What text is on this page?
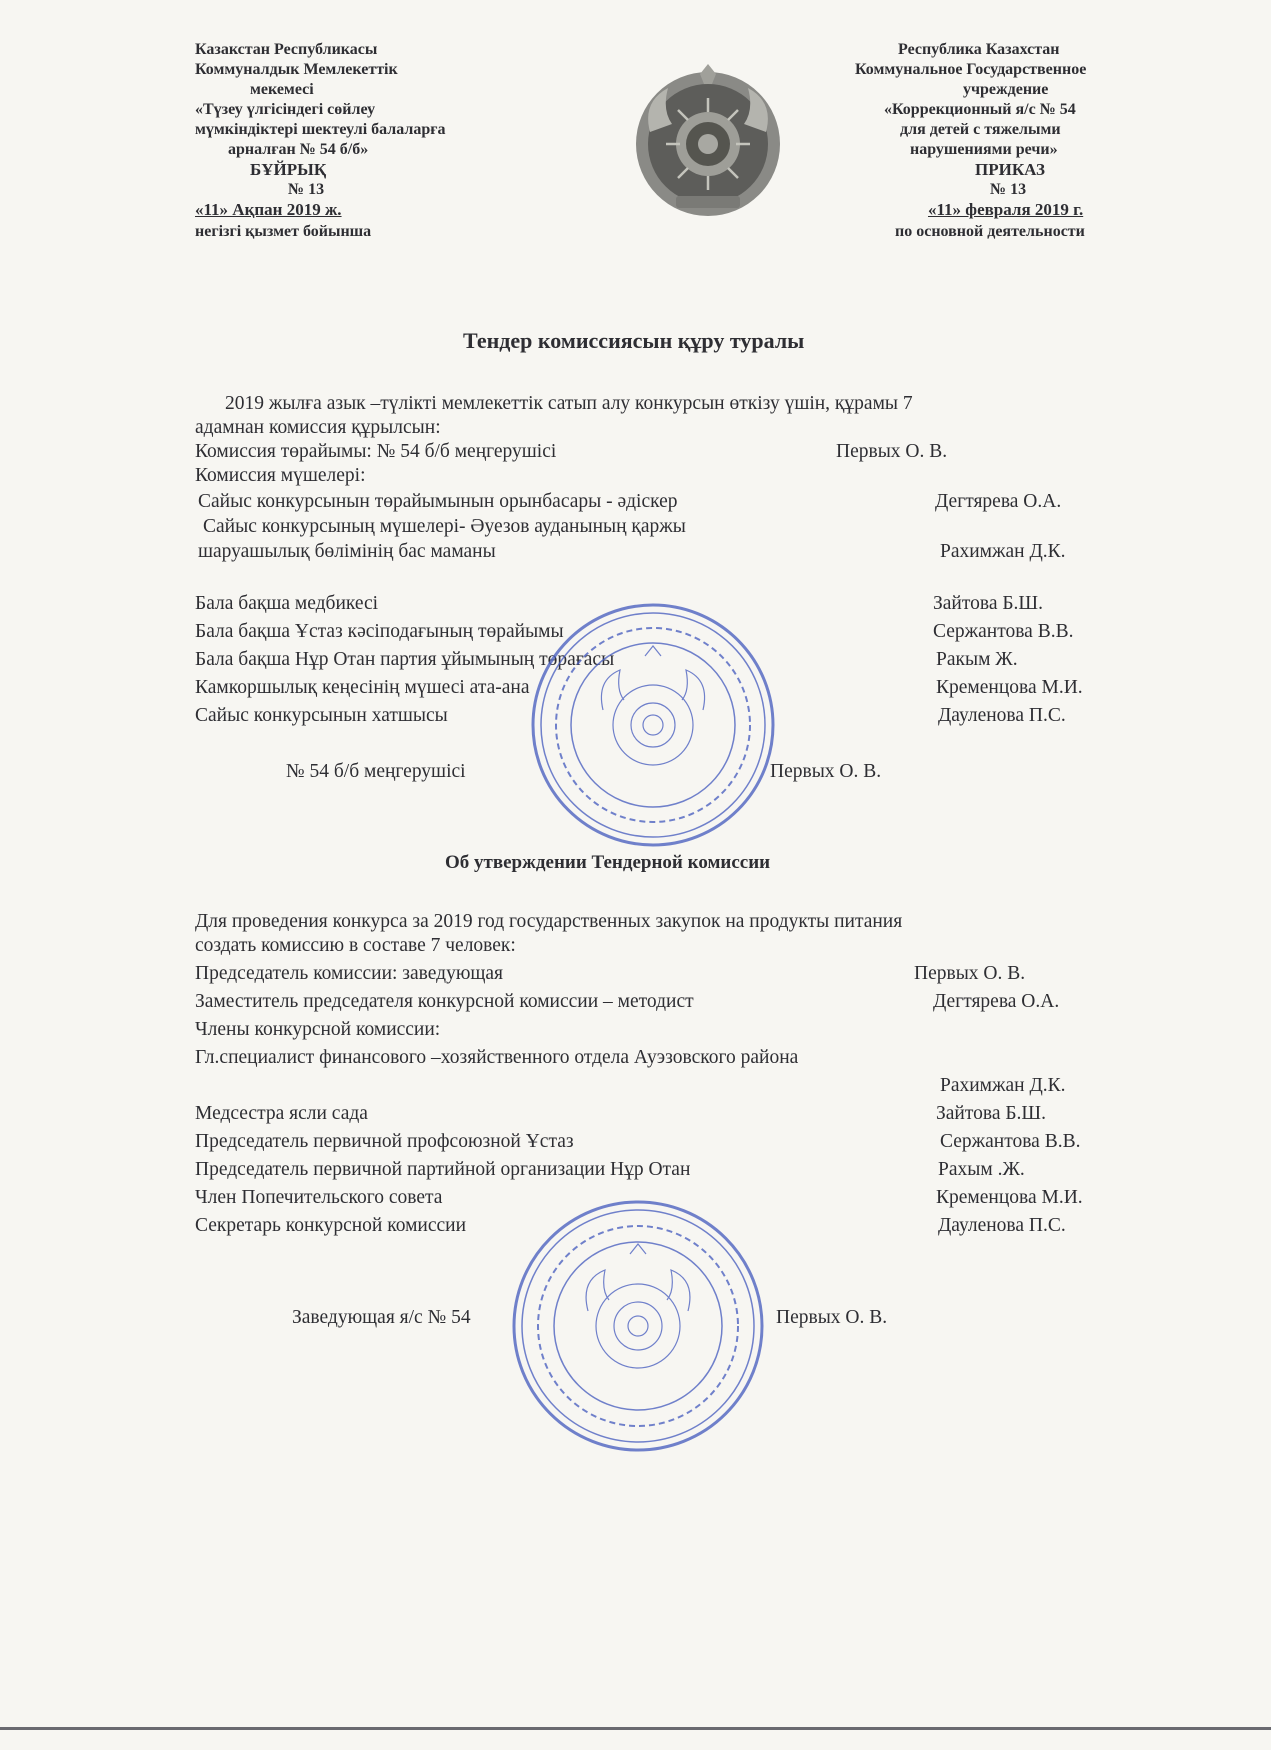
Казакстан Республикасы
Коммуналдык Мемлекеттік
мекемесі
«Түзеу үлгісіндегі сөйлеу
мүмкіндіктері шектеулі балаларға
арналған № 54 б/б»
БҰЙРЫҚ
№ 13
«11» Ақпан 2019 ж.
негізгі қызмет бойынша
Республика Казахстан
Коммунальное Государственное
учреждение
«Коррекционный я/с № 54
для детей с тяжелыми
нарушениями речи»
ПРИКАЗ
№ 13
«11» февраля 2019 г.
по основной деятельности
Тендер комиссиясын құру туралы
2019 жылға азык –түлікті мемлекеттік сатып алу конкурсын өткізу үшін, құрамы 7
адамнан комиссия құрылсын:
Комиссия төрайымы: № 54 б/б меңгерушісі	Первых О. В.
Комиссия мүшелері:
Сайыс конкурсынын төрайымынын орынбасары - әдіскер	Дегтярева О.А.
Сайыс конкурсының мүшелері- Әуезов ауданының қаржы
шаруашылық бөлімінің бас маманы	Рахимжан Д.К.
Бала бақша медбикесі	Зайтова Б.Ш.
Бала бақша Ұстаз кәсіподағының төрайымы	Сержантова В.В.
Бала бақша Нұр Отан партия ұйымының төрағасы	Ракым Ж.
Камкоршылық кеңесінің мүшесі ата-ана	Кременцова М.И.
Сайыс конкурсынын хатшысы	Дауленова П.С.
№ 54 б/б меңгерушісі	Первых О. В.
Об утверждении Тендерной комиссии
Для проведения конкурса за 2019 год государственных закупок на продукты питания
создать комиссию в составе 7 человек:
Председатель комиссии: заведующая	Первых О. В.
Заместитель председателя конкурсной комиссии – методист	Дегтярева О.А.
Члены конкурсной комиссии:
Гл.специалист финансового –хозяйственного отдела Ауэзовского района
Рахимжан Д.К.
Медсестра ясли сада	Зайтова Б.Ш.
Председатель первичной профсоюзной Ұстаз	Сержантова В.В.
Председатель первичной партийной организации Нұр Отан	Рахым .Ж.
Член Попечительского совета	Кременцова М.И.
Секретарь конкурсной комиссии	Дауленова П.С.
Заведующая я/с № 54	Первых О. В.
